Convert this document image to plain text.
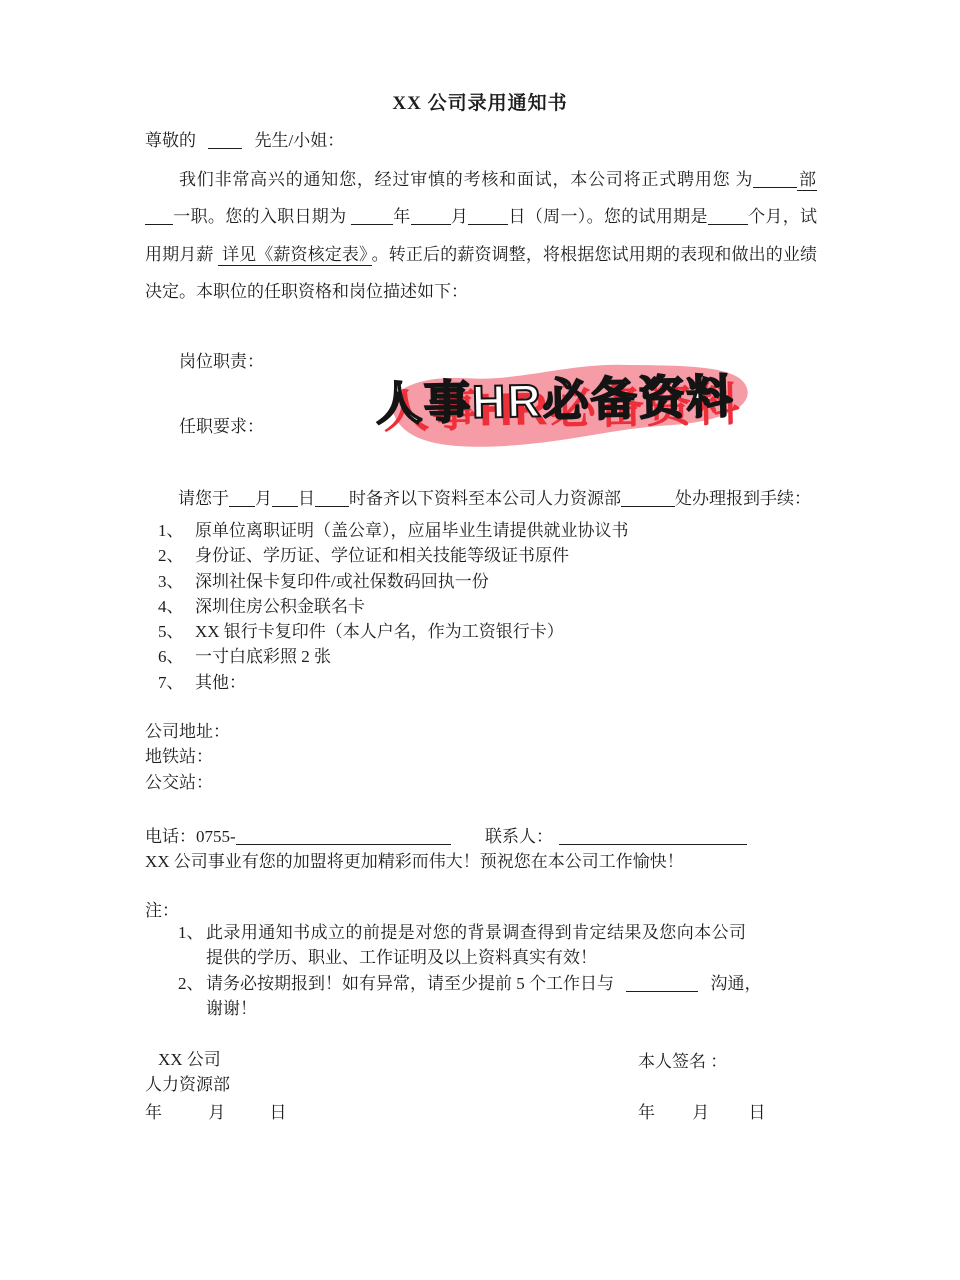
XX 公司录用通知书
尊敬的	先生/小姐：
我们非常高兴的通知您，经过审慎的考核和面试，本公司将正式聘用您 为	部一职。您的入职日期为	年 月 日（周一）。您的试用期是 个月，试用期月薪 详见《薪资核定表》 。转正后的薪资调整，将根据您试用期的表现和做出的业绩决定。本职位的任职资格和岗位描述如下：
岗位职责：
任职要求： 人事HR必备资料
请您于 月 日 时备齐以下资料至本公司人力资源部	处办理报到手续：
1、 原单位离职证明（盖公章），应届毕业生请提供就业协议书
2、 身份证、学历证、学位证和相关技能等级证书原件
3、 深圳社保卡复印件/或社保数码回执一份
4、 深圳住房公积金联名卡
5、 XX 银行卡复印件（本人户名，作为工资银行卡）
6、 一寸白底彩照 2 张
7、 其他：
公司地址：
地铁站：
公交站：
电话：0755-	联系人：
XX 公司事业有您的加盟将更加精彩而伟大！预祝您在本公司工作愉快！
注：
1、 此录用通知书成立的前提是对您的背景调查得到肯定结果及您向本公司提供的学历、职业、工作证明及以上资料真实有效！
2、 请务必按期报到！如有异常，请至少提前 5 个工作日与	沟通，
谢谢！
XX 公司
人力资源部
本人签名 ：
年	月	日	年 月 日
